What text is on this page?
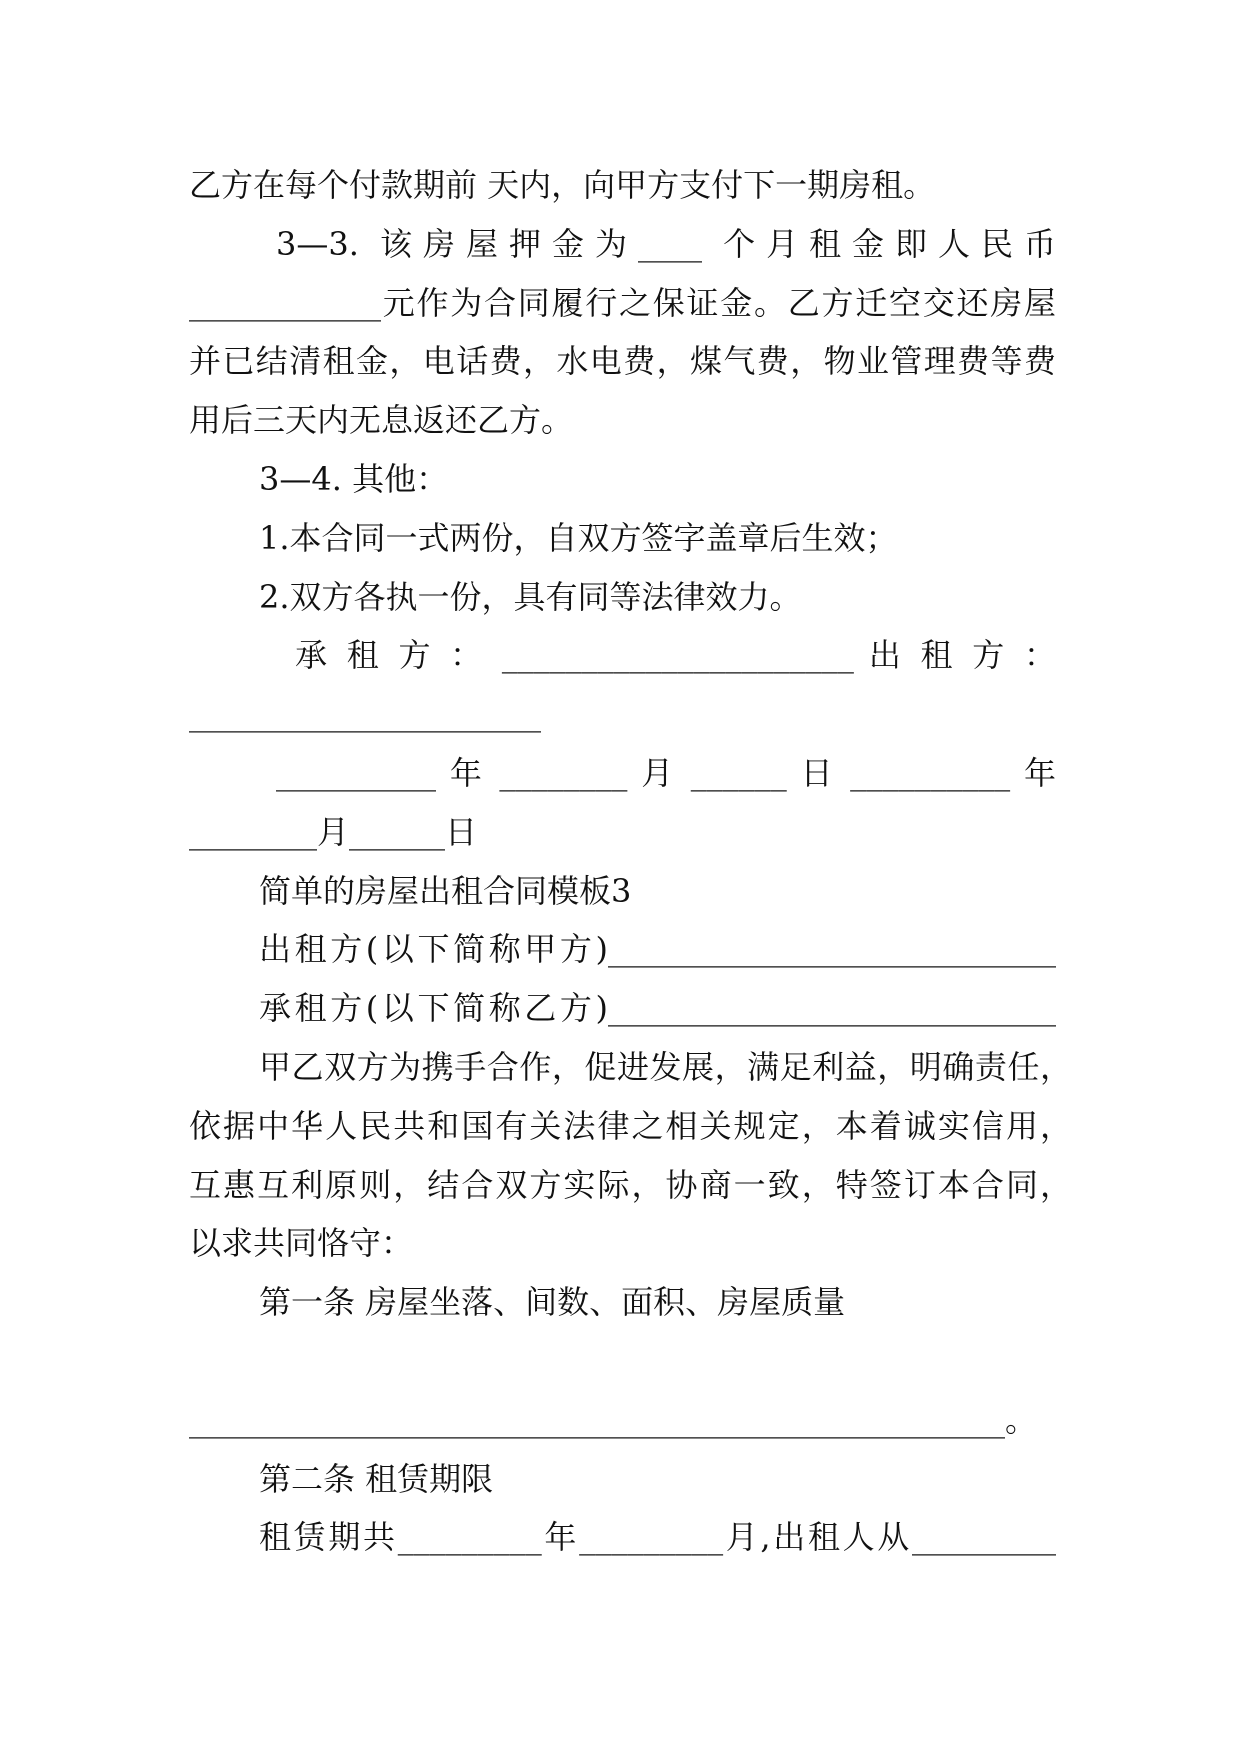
乙方在每个付款期前 天内，向甲方支付下一期房租。
3—3. 该房屋押金为____ 个月租金即人民币
____________元作为合同履行之保证金。乙方迁空交还房屋
并已结清租金，电话费，水电费，煤气费，物业管理费等费
用后三天内无息返还乙方。
3—4. 其他：
1.本合同一式两份，自双方签字盖章后生效；
2.双方各执一份，具有同等法律效力。
承 租 方 ： ______________________ 出 租 方 ：
______________________
__________ 年 ________ 月 ______ 日 __________ 年
________月______日
简单的房屋出租合同模板3
出租方(以下简称甲方)____________________________
承租方(以下简称乙方)____________________________
甲乙双方为携手合作，促进发展，满足利益，明确责任，
依据中华人民共和国有关法律之相关规定，本着诚实信用，
互惠互利原则，结合双方实际，协商一致，特签订本合同，
以求共同恪守：
第一条 房屋坐落、间数、面积、房屋质量
___________________________________________________。
第二条 租赁期限
租赁期共_________年_________月,出租人从_________
